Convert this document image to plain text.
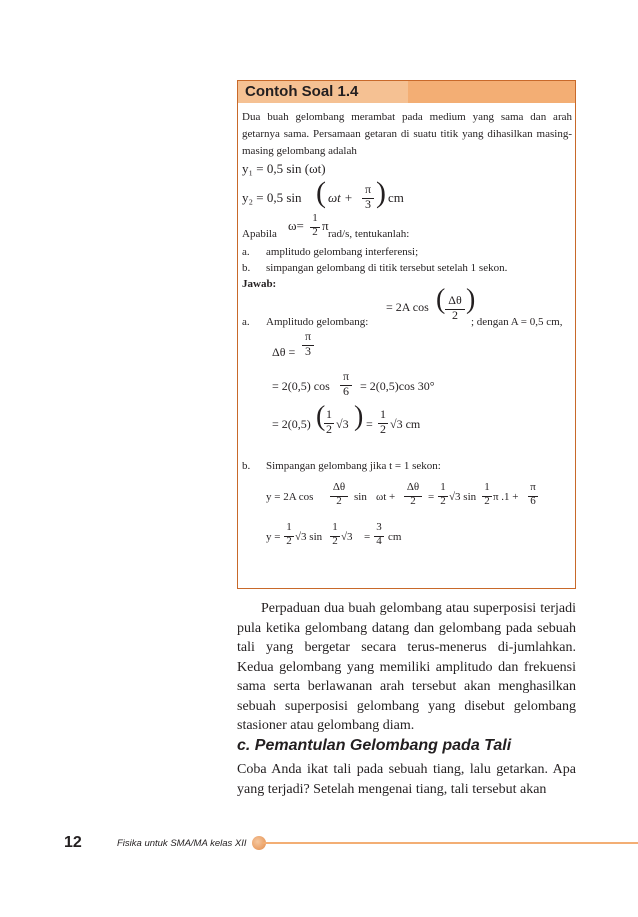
Contoh Soal 1.4

Dua buah gelombang merambat pada medium yang sama dan arah getarnya sama. Persamaan getaran di suatu titik yang dihasilkan masing-masing gelombang adalah

y₁ = 0,5 sin (ωt)
y₂ = 0,5 sin ( ωt +
π
3 ) cm
Apabila
ω= 1
2 π
rad/s, tentukanlah:
a. amplitudo gelombang interferensi;
b. simpangan gelombang di titik tersebut setelah 1 sekon.
Jawab:
a. Amplitudo gelombang:
= 2A cos ( Δθ
2 )
; dengan A = 0,5 cm,
Δθ =
π
3
= 2(0,5) cos
π
6 = 2(0,5)cos 30°
= 2(0,5) ( 1
2 √3 ) =
1
2 √3 cm
b. Simpangan gelombang jika t = 1 sekon:
y = 2A cos
Δθ
2	sin ωt +
Δθ
2	=
1
2 √3 sin
1
2 π .1 +
π
6
y =
1
2 √3 sin
1
2 √3 =
3
4 cm

Perpaduan dua buah gelombang atau superposisi terjadi pula ketika gelombang datang dan gelombang pada sebuah tali yang bergetar secara terus-menerus di-jumlahkan. Kedua gelombang yang memiliki amplitudo dan frekuensi sama serta berlawanan arah tersebut akan menghasilkan sebuah superposisi gelombang yang disebut gelombang stasioner atau gelombang diam.

c. Pemantulan Gelombang pada Tali

Coba Anda ikat tali pada sebuah tiang, lalu getarkan. Apa yang terjadi? Setelah mengenai tiang, tali tersebut akan

12	Fisika untuk SMA/MA kelas XII
